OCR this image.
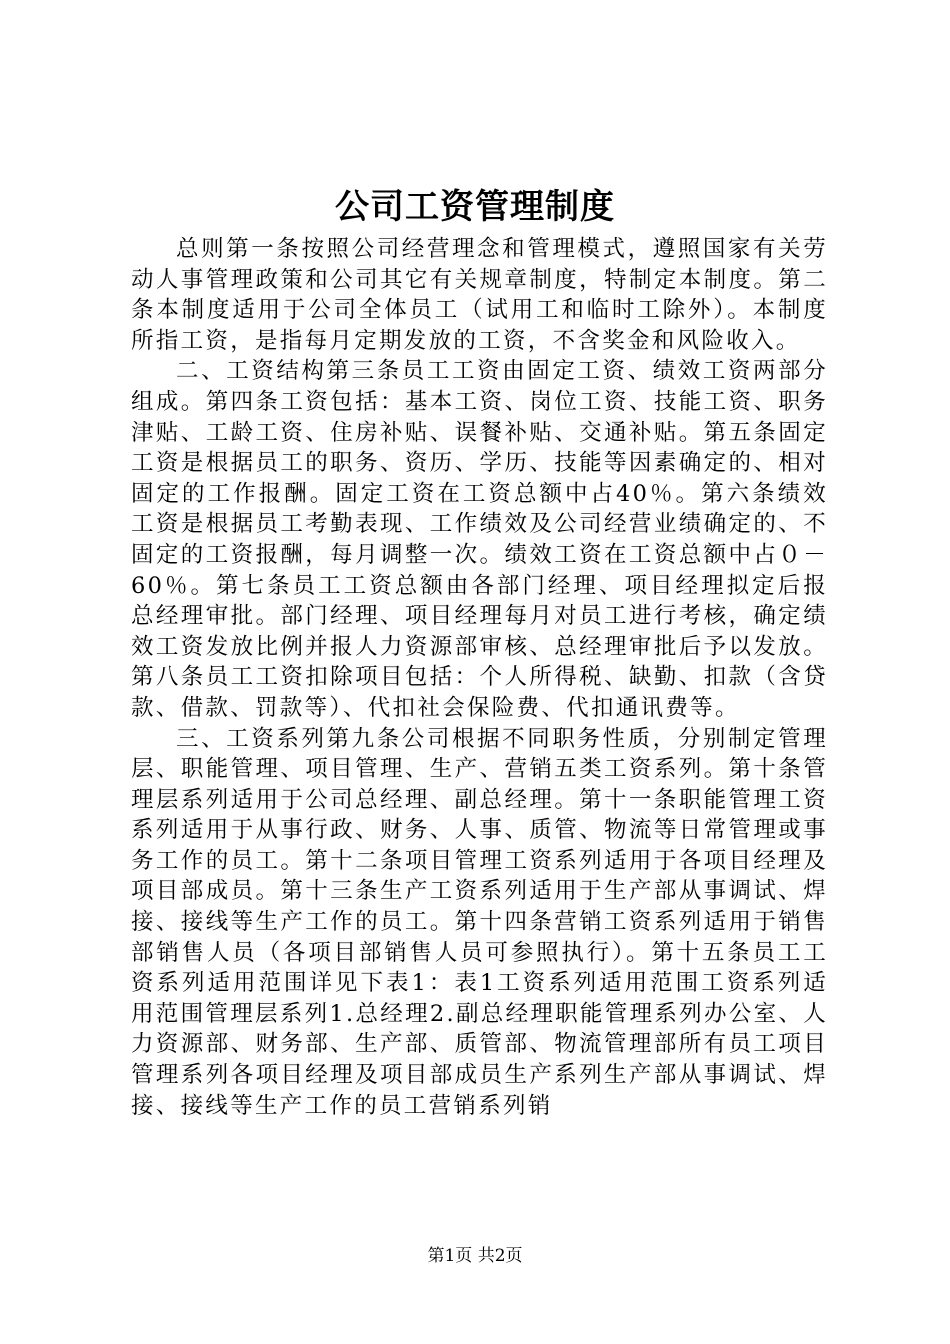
公司工资管理制度

总则第一条按照公司经营理念和管理模式，遵照国家有关劳动人事管理政策和公司其它有关规章制度，特制定本制度。第二条本制度适用于公司全体员工（试用工和临时工除外）。本制度所指工资，是指每月定期发放的工资，不含奖金和风险收入。

二、工资结构第三条员工工资由固定工资、绩效工资两部分组成。第四条工资包括：基本工资、岗位工资、技能工资、职务津贴、工龄工资、住房补贴、误餐补贴、交通补贴。第五条固定工资是根据员工的职务、资历、学历、技能等因素确定的、相对固定的工作报酬。固定工资在工资总额中占40％。第六条绩效工资是根据员工考勤表现、工作绩效及公司经营业绩确定的、不固定的工资报酬，每月调整一次。绩效工资在工资总额中占０－60％。第七条员工工资总额由各部门经理、项目经理拟定后报总经理审批。部门经理、项目经理每月对员工进行考核，确定绩效工资发放比例并报人力资源部审核、总经理审批后予以发放。第八条员工工资扣除项目包括：个人所得税、缺勤、扣款（含贷款、借款、罚款等）、代扣社会保险费、代扣通讯费等。

三、工资系列第九条公司根据不同职务性质，分别制定管理层、职能管理、项目管理、生产、营销五类工资系列。第十条管理层系列适用于公司总经理、副总经理。第十一条职能管理工资系列适用于从事行政、财务、人事、质管、物流等日常管理或事务工作的员工。第十二条项目管理工资系列适用于各项目经理及项目部成员。第十三条生产工资系列适用于生产部从事调试、焊接、接线等生产工作的员工。第十四条营销工资系列适用于销售部销售人员（各项目部销售人员可参照执行）。第十五条员工工资系列适用范围详见下表1：表1工资系列适用范围工资系列适用范围管理层系列1.总经理2.副总经理职能管理系列办公室、人力资源部、财务部、生产部、质管部、物流管理部所有员工项目管理系列各项目经理及项目部成员生产系列生产部从事调试、焊接、接线等生产工作的员工营销系列销

第1页 共2页
